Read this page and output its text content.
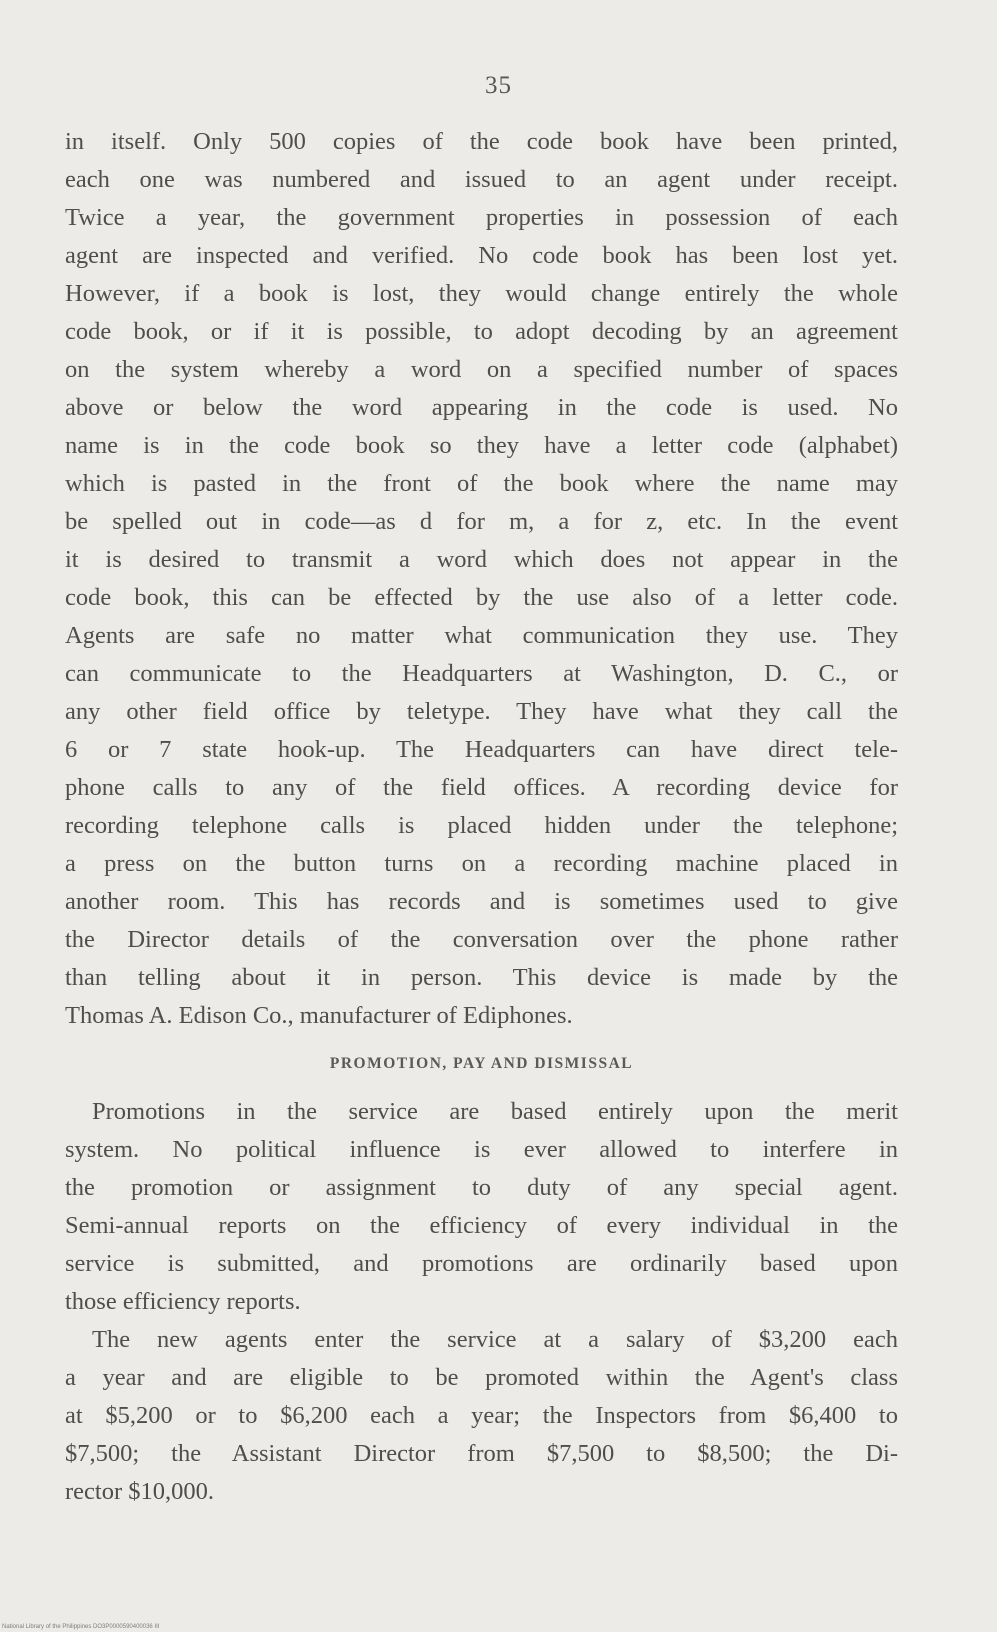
35
in itself. Only 500 copies of the code book have been printed,
each one was numbered and issued to an agent under receipt.
Twice a year, the government properties in possession of each
agent are inspected and verified. No code book has been lost yet.
However, if a book is lost, they would change entirely the whole
code book, or if it is possible, to adopt decoding by an agreement
on the system whereby a word on a specified number of spaces
above or below the word appearing in the code is used. No
name is in the code book so they have a letter code (alphabet)
which is pasted in the front of the book where the name may
be spelled out in code—as d for m, a for z, etc. In the event
it is desired to transmit a word which does not appear in the
code book, this can be effected by the use also of a letter code.
Agents are safe no matter what communication they use. They
can communicate to the Headquarters at Washington, D. C., or
any other field office by teletype. They have what they call the
6 or 7 state hook-up. The Headquarters can have direct tele-
phone calls to any of the field offices. A recording device for
recording telephone calls is placed hidden under the telephone;
a press on the button turns on a recording machine placed in
another room. This has records and is sometimes used to give
the Director details of the conversation over the phone rather
than telling about it in person. This device is made by the
Thomas A. Edison Co., manufacturer of Ediphones.
PROMOTION, PAY AND DISMISSAL
Promotions in the service are based entirely upon the merit
system. No political influence is ever allowed to interfere in
the promotion or assignment to duty of any special agent.
Semi-annual reports on the efficiency of every individual in the
service is submitted, and promotions are ordinarily based upon
those efficiency reports.
The new agents enter the service at a salary of $3,200 each
a year and are eligible to be promoted within the Agent's class
at $5,200 or to $6,200 each a year; the Inspectors from $6,400 to
$7,500; the Assistant Director from $7,500 to $8,500; the Di-
rector $10,000.
National Library of the Philippines DO3P0000590400036 III
